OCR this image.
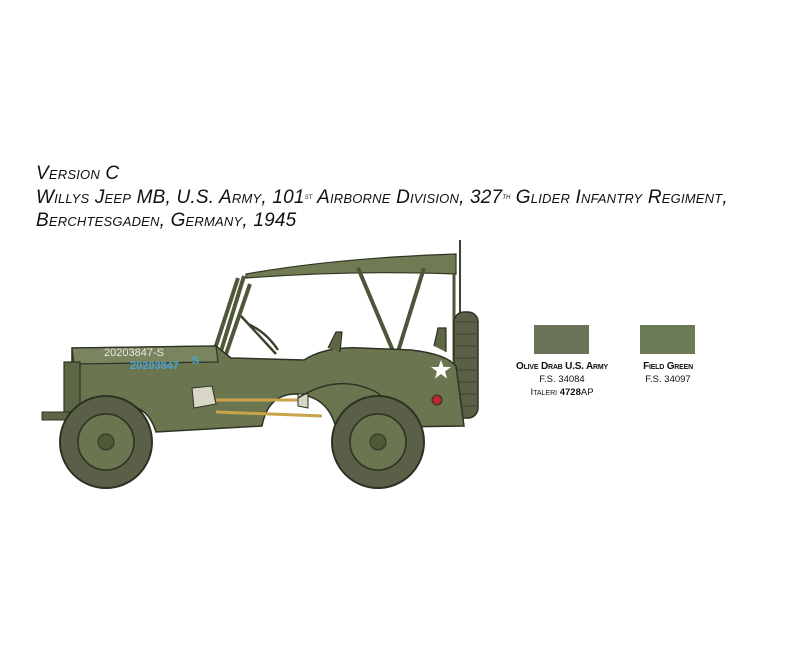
Version C
Willys Jeep MB, U.S. Army, 101st Airborne Division, 327th Glider Infantry Regiment,
Berchtesgaden, Germany, 1945
20203847-S
20203847 S	Olive Drab U.S. Army
F.S. 34084
Italeri 4728AP
Field Green
F.S. 34097
